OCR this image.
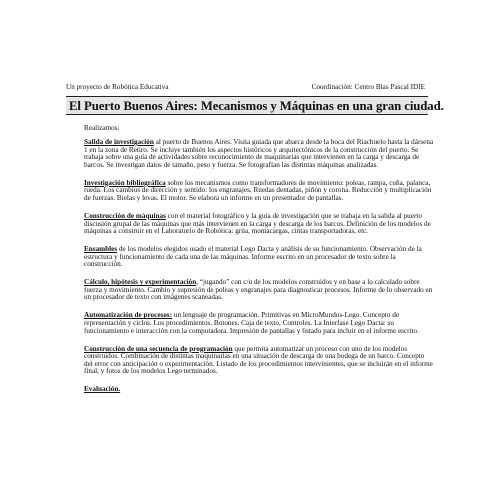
Un proyecto de Robótica Educativa	Coordinación: Centro Blas Pascal IDIE
El Puerto Buenos Aires: Mecanismos y Máquinas en una gran ciudad.
Realizamos:

Salida de investigación al puerto de Buenos Aires. Visita guiada que abarca desde la boca del Riachuelo hasta la dársena 1 en la zona de Retiro. Se incluye también los aspectos históricos y arquitectónicos de la construcción del puerto. Se trabaja sobre una guía de actividades sobre reconocimiento de maquinarias que intervienen en la carga y descarga de barcos. Se investigan datos de tamaño, peso y fuerza. Se fotografían las distintas máquinas analizadas.

Investigación bibliográfica sobre los mecanismos como transformadores de movimiento: poleas, rampa, cuña, palanca, rueda. Los cambios de dirección y sentido: los engranajes, Ruedas dentadas, piñón y corona. Reducción y multiplicación de fuerzas. Bielas y levas. El motor. Se elabora un informe en un presentador de pantallas.

Construcción de máquinas con el material fotográfico y la guía de investigación que se trabaja en la salida al puerto discusión grupal de las máquinas que más intervienen en la carga y descarga de los barcos. Definición de los modelos de máquinas a construir en el Laboratorio de Robótica: grúa, montacargas, cintas transportadoras, etc.

Ensambles de los modelos elegidos usado el material Lego Dacta y análisis de su funcionamiento. Observación de la estructura y funcionamiento de cada una de las máquinas. Informe escrito en un procesador de texto sobre la construcción.

Cálculo, hipótesis y experimentación, “jugando” con c/u de los modelos construidos y en base a lo calculado sobre fuerza y movimiento. Cambio y supresión de poleas y engranajes para diagnosticar procesos. Informe de lo observado en un procesador de texto con imágenes scaneadas.

Automatización de procesos: un lenguaje de programación. Primitivas en MicroMundos-Lego. Concepto de representación y ciclos. Los procedimientos. Botones, Caja de texto, Controles. La Interfase Lego Dacta: su funcionamiento e interacción con la computadora. Impresión de pantallas y listado para incluir en el informe escrito.

Construcción de una secuencia de programación que permita automatizar un proceso con uno de los modelos construidos. Combinación de distintas maquinarias en una situación de descarga de una bodega de un barco. Concepto del error con anticipación o experimentación. Listado de los procedimientos intervinientes, que se incluirán en el informe final, y fotos de los modelos Lego terminados.

Evaluación.
